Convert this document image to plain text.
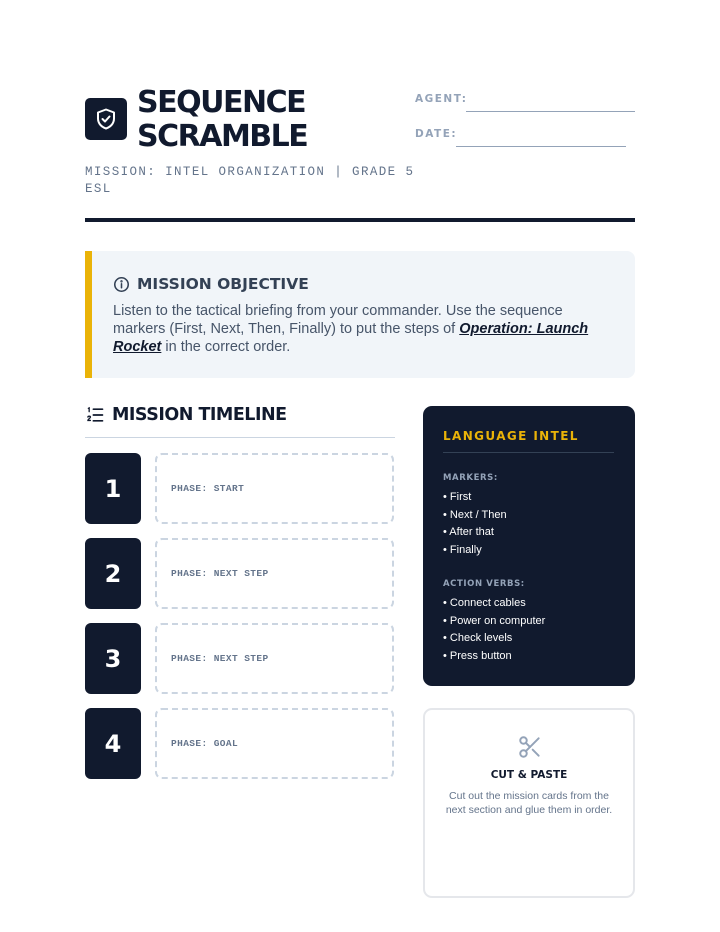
SEQUENCE
SCRAMBLE
MISSION: INTEL ORGANIZATION | GRADE 5 ESL
AGENT:
DATE:
MISSION OBJECTIVE
Listen to the tactical briefing from your commander. Use the sequence markers (First, Next, Then, Finally) to put the steps of Operation: Launch Rocket in the correct order.
MISSION TIMELINE
1	PHASE: START
2	PHASE: NEXT STEP
3	PHASE: NEXT STEP
4	PHASE: GOAL
LANGUAGE INTEL
MARKERS:
• First
• Next / Then
• After that
• Finally
ACTION VERBS:
• Connect cables
• Power on computer
• Check levels
• Press button
CUT & PASTE
Cut out the mission cards from the next section and glue them in order.
